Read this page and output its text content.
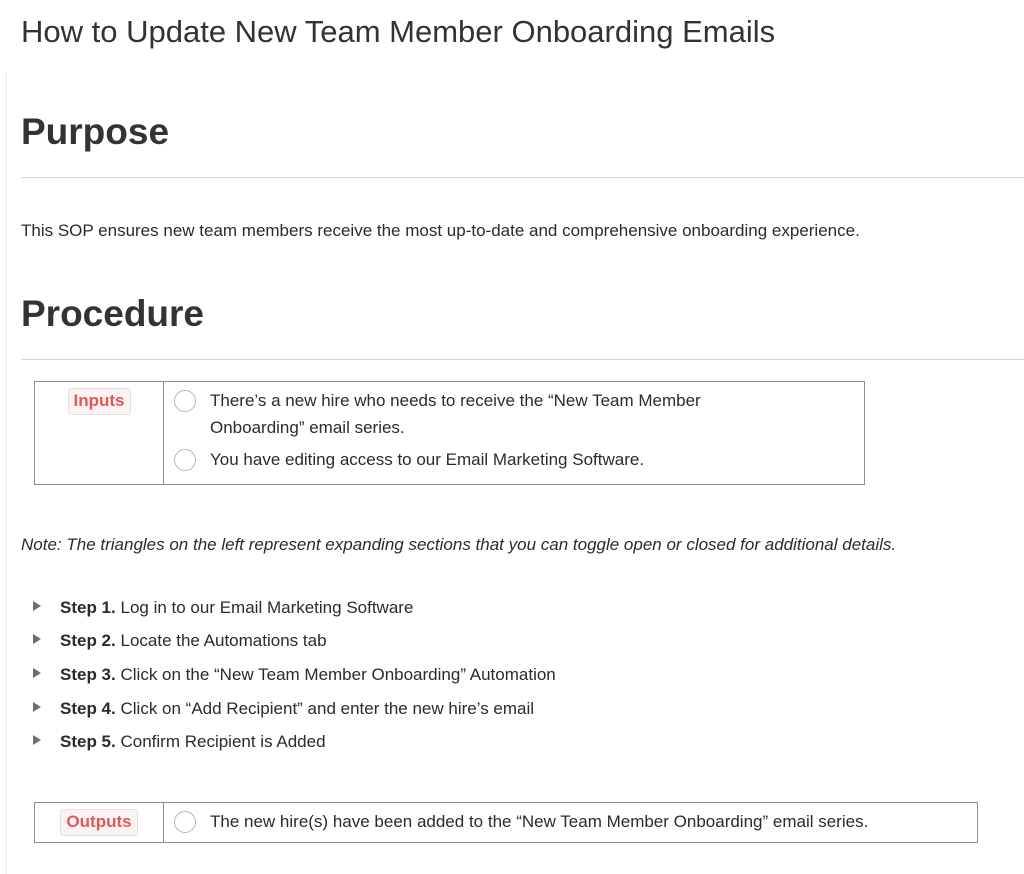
How to Update New Team Member Onboarding Emails
Purpose

This SOP ensures new team members receive the most up-to-date and comprehensive onboarding experience.

Procedure
Inputs	There’s a new hire who needs to receive the “New Team Member Onboarding” email series.
You have editing access to our Email Marketing Software.

Note: The triangles on the left represent expanding sections that you can toggle open or closed for additional details.

Step 1. Log in to our Email Marketing Software
Step 2. Locate the Automations tab
Step 3. Click on the “New Team Member Onboarding” Automation
Step 4. Click on “Add Recipient” and enter the new hire’s email
Step 5. Confirm Recipient is Added
Outputs	The new hire(s) have been added to the “New Team Member Onboarding” email series.
